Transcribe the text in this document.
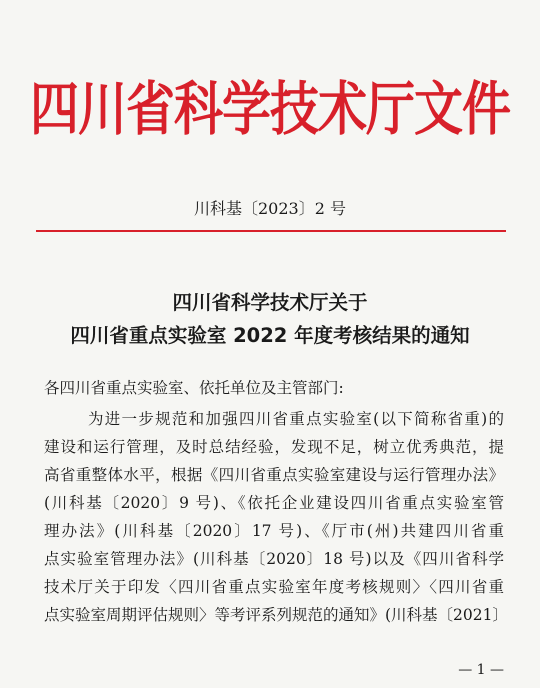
四川省科学技术厅文件
川科基〔2023〕2 号
四川省科学技术厅关于
四川省重点实验室 2022 年度考核结果的通知
各四川省重点实验室、依托单位及主管部门:
为进一步规范和加强四川省重点实验室(以下简称省重)的
建设和运行管理，及时总结经验，发现不足，树立优秀典范，提
高省重整体水平，根据《四川省重点实验室建设与运行管理办法》
(川科基〔2020〕9 号)、《依托企业建设四川省重点实验室管
理办法》(川科基〔2020〕17 号)、《厅市(州)共建四川省重
点实验室管理办法》(川科基〔2020〕18 号)以及《四川省科学
技术厅关于印发〈四川省重点实验室年度考核规则〉〈四川省重
点实验室周期评估规则〉等考评系列规范的通知》(川科基〔2021〕
— 1 —
